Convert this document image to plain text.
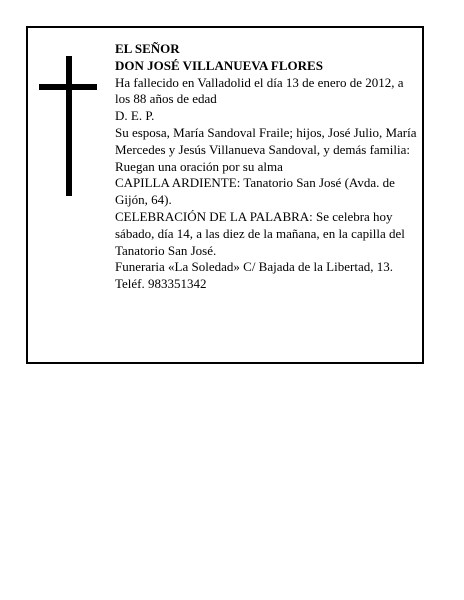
EL SEÑOR

DON JOSÉ VILLANUEVA FLORES

Ha fallecido en Valladolid el día 13 de enero de 2012, a los 88 años de edad

D. E. P.

Su esposa, María Sandoval Fraile; hijos, José Julio, María Mercedes y Jesús Villanueva Sandoval, y demás familia:

Ruegan una oración por su alma

CAPILLA ARDIENTE: Tanatorio San José (Avda. de Gijón, 64).

CELEBRACIÓN DE LA PALABRA: Se celebra hoy sábado, día 14, a las diez de la mañana, en la capilla del Tanatorio San José.

Funeraria «La Soledad» C/ Bajada de la Libertad, 13. Teléf. 983351342
